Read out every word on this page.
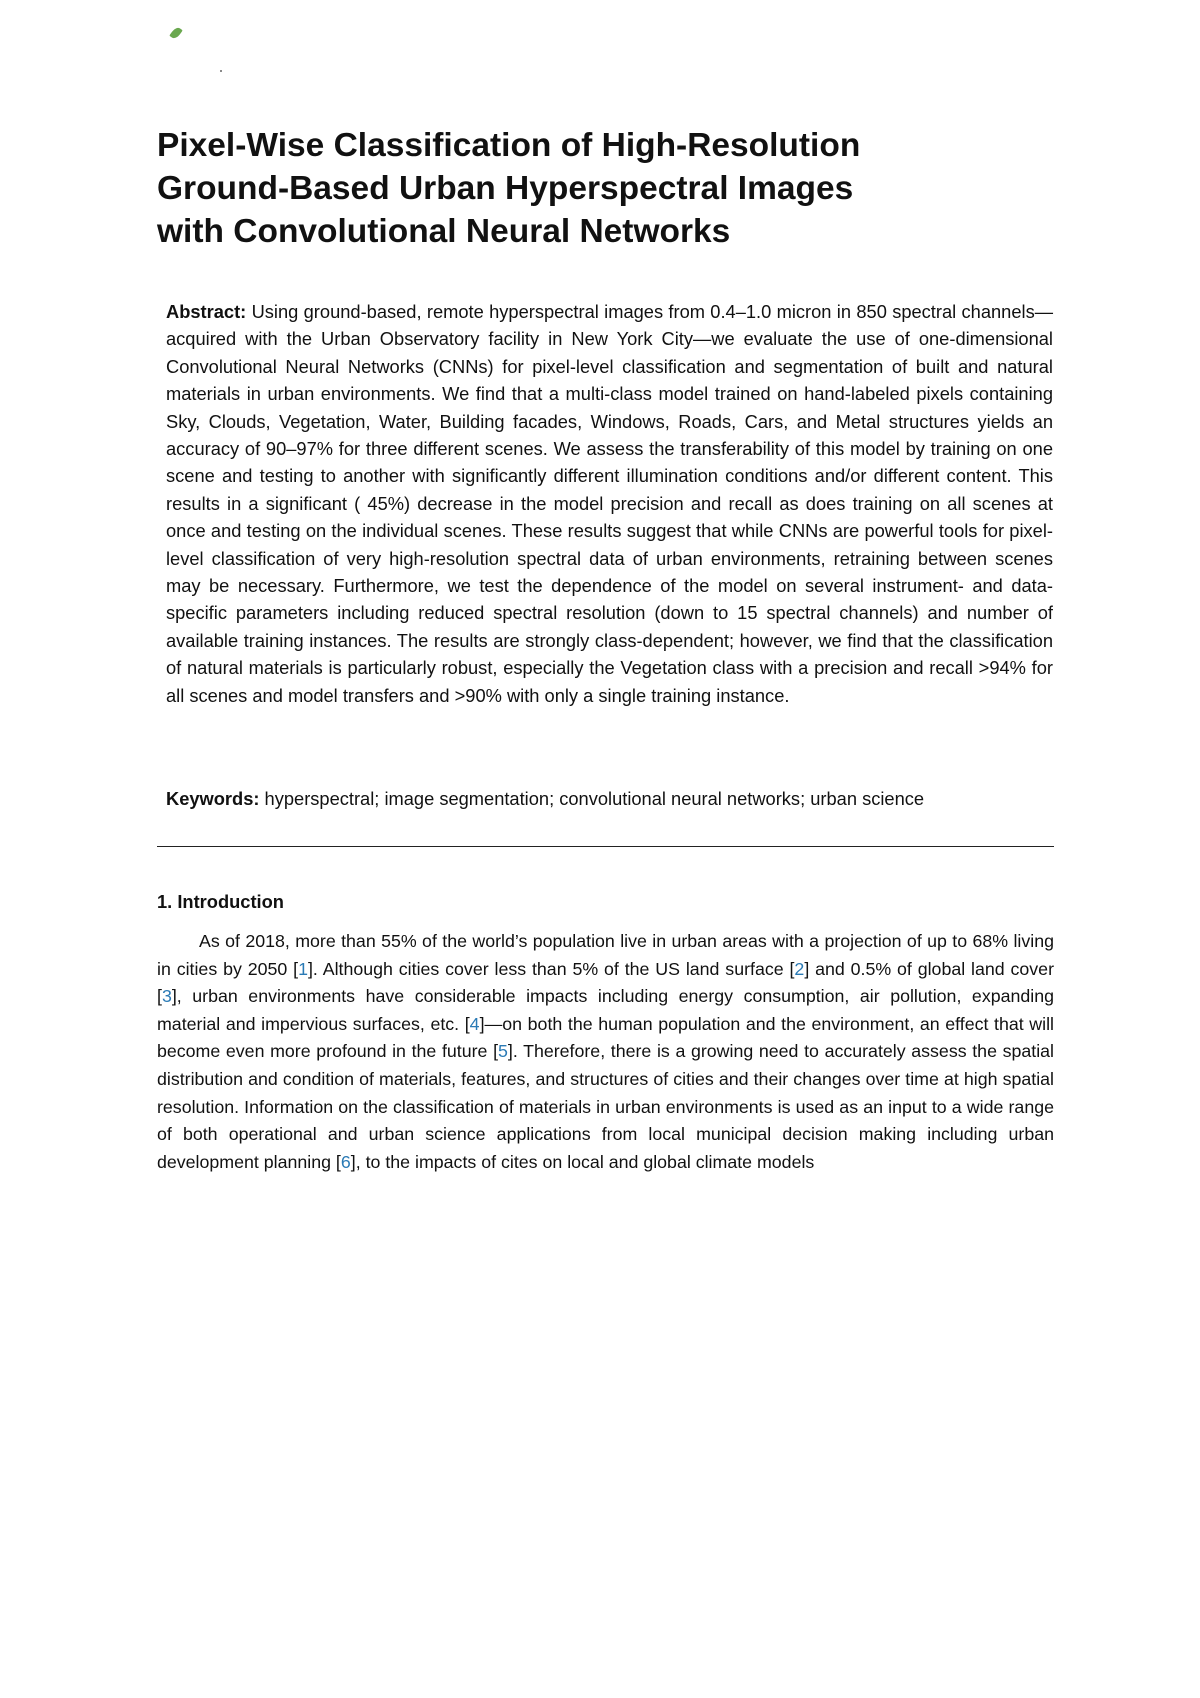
Pixel-Wise Classification of High-Resolution
Ground-Based Urban Hyperspectral Images
with Convolutional Neural Networks

Abstract: Using ground-based, remote hyperspectral images from 0.4–1.0 micron in 850 spectral channels—acquired with the Urban Observatory facility in New York City—we evaluate the use of one-dimensional Convolutional Neural Networks (CNNs) for pixel-level classification and segmentation of built and natural materials in urban environments. We find that a multi-class model trained on hand-labeled pixels containing Sky, Clouds, Vegetation, Water, Building facades, Windows, Roads, Cars, and Metal structures yields an accuracy of 90–97% for three different scenes. We assess the transferability of this model by training on one scene and testing to another with significantly different illumination conditions and/or different content. This results in a significant ( 45%) decrease in the model precision and recall as does training on all scenes at once and testing on the individual scenes. These results suggest that while CNNs are powerful tools for pixel-level classification of very high-resolution spectral data of urban environments, retraining between scenes may be necessary. Furthermore, we test the dependence of the model on several instrument- and data-specific parameters including reduced spectral resolution (down to 15 spectral channels) and number of available training instances. The results are strongly class-dependent; however, we find that the classification of natural materials is particularly robust, especially the Vegetation class with a precision and recall >94% for all scenes and model transfers and >90% with only a single training instance.

Keywords: hyperspectral; image segmentation; convolutional neural networks; urban science

1. Introduction

As of 2018, more than 55% of the world’s population live in urban areas with a projection of up to 68% living in cities by 2050 [1]. Although cities cover less than 5% of the US land surface [2] and 0.5% of global land cover [3], urban environments have considerable impacts including energy consumption, air pollution, expanding material and impervious surfaces, etc. [4]—on both the human population and the environment, an effect that will become even more profound in the future [5]. Therefore, there is a growing need to accurately assess the spatial distribution and condition of materials, features, and structures of cities and their changes over time at high spatial resolution. Information on the classification of materials in urban environments is used as an input to a wide range of both operational and urban science applications from local municipal decision making including urban development planning [6], to the impacts of cites on local and global climate models
